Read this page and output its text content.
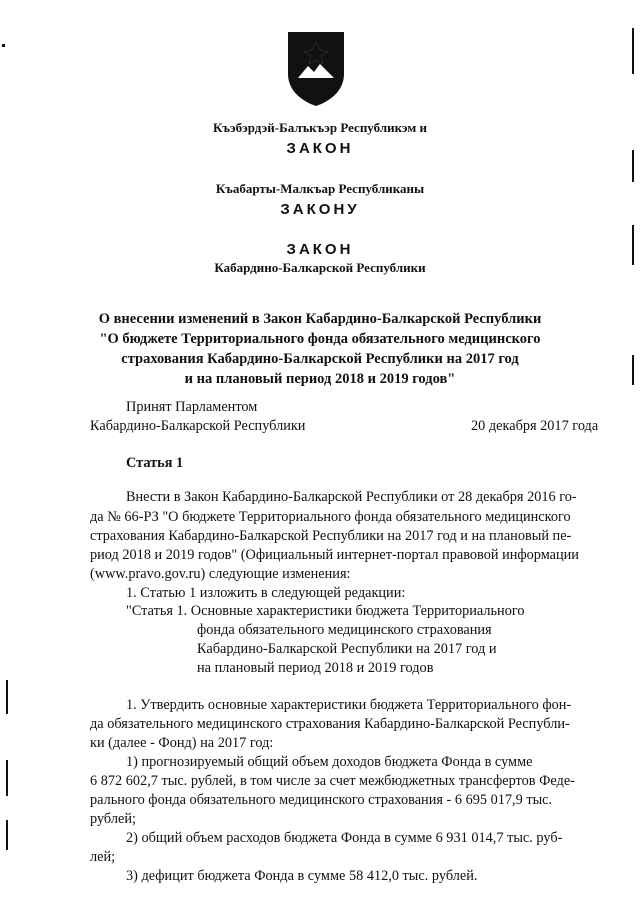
Къэбэрдэй-Балъкъэр Республикэм и
ЗАКОН
Къабарты-Малкъар Республиканы
ЗАКОНУ
ЗАКОН
Кабардино-Балкарской Республики
О внесении изменений в Закон Кабардино-Балкарской Республики
"О бюджете Территориального фонда обязательного медицинского
страхования Кабардино-Балкарской Республики на 2017 год
и на плановый период 2018 и 2019 годов"
Принят Парламентом
Кабардино-Балкарской Республики	20 декабря 2017 года
Статья 1
Внести в Закон Кабардино-Балкарской Республики от 28 декабря 2016 го-
да № 66-РЗ "О бюджете Территориального фонда обязательного медицинского
страхования Кабардино-Балкарской Республики на 2017 год и на плановый пе-
риод 2018 и 2019 годов" (Официальный интернет-портал правовой информации
(www.pravo.gov.ru) следующие изменения:
1. Статью 1 изложить в следующей редакции:
"Статья 1. Основные характеристики бюджета Территориального
фонда обязательного медицинского страхования
Кабардино-Балкарской Республики на 2017 год и
на плановый период 2018 и 2019 годов
1. Утвердить основные характеристики бюджета Территориального фон-
да обязательного медицинского страхования Кабардино-Балкарской Республи-
ки (далее - Фонд) на 2017 год:
1) прогнозируемый общий объем доходов бюджета Фонда в сумме
6 872 602,7 тыс. рублей, в том числе за счет межбюджетных трансфертов Феде-
рального фонда обязательного медицинского страхования - 6 695 017,9 тыс.
рублей;
2) общий объем расходов бюджета Фонда в сумме 6 931 014,7 тыс. руб-
лей;
3) дефицит бюджета Фонда в сумме 58 412,0 тыс. рублей.
